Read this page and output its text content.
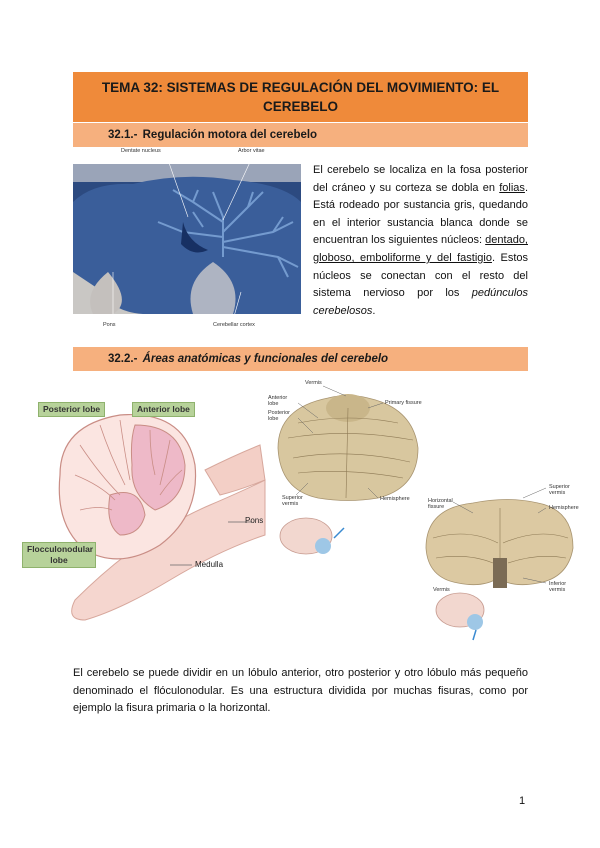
TEMA 32: SISTEMAS DE REGULACIÓN DEL MOVIMIENTO: EL CEREBELO
32.1.- Regulación motora del cerebelo
Dentate nucleus	Arbor vitae
Pons	Cerebellar cortex
El cerebelo se localiza en la fosa posterior del cráneo y su corteza se dobla en folias. Está rodeado por sustancia gris, quedando en el interior sustancia blanca donde se encuentran los siguientes núcleos: dentado, globoso, emboliforme y del fastigio. Estos núcleos se conectan con el resto del sistema nervioso por los pedúnculos cerebelosos.
32.2.- Áreas anatómicas y funcionales del cerebelo
Posterior lobe	Anterior lobe
Flocculonodular lobe
Pons
Medulla
Vermis
Anterior lobe
Posterior lobe
Primary fissure
Superior vermis
Hemisphere	Horizontal fissure
Superior vermis
Hemisphere
Inferior vermis
Vermis
El cerebelo se puede dividir en un lóbulo anterior, otro posterior y otro lóbulo más pequeño denominado el flóculonodular. Es una estructura dividida por muchas fisuras, como por ejemplo la fisura primaria o la horizontal.
1
